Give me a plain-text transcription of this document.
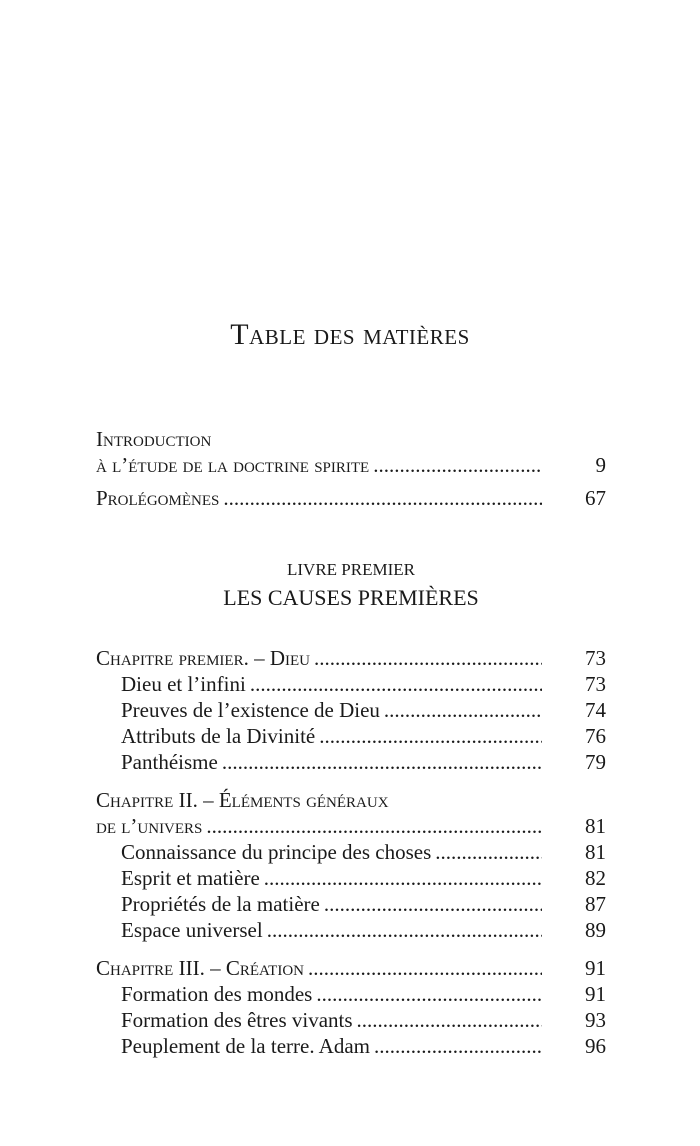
Table des matières
Introduction
à l’étude de la doctrine spirite .....	9
Prolégomènes .....	67
LIVRE PREMIER
LES CAUSES PREMIÈRES
Chapitre premier. – Dieu .....	73
Dieu et l’infini .....	73
Preuves de l’existence de Dieu .....	74
Attributs de la Divinité .....	76
Panthéisme .....	79
Chapitre II. – Éléments généraux
de l’univers .....	81
Connaissance du principe des choses .....	81
Esprit et matière .....	82
Propriétés de la matière .....	87
Espace universel .....	89
Chapitre III. – Création .....	91
Formation des mondes .....	91
Formation des êtres vivants .....	93
Peuplement de la terre. Adam .....	96
